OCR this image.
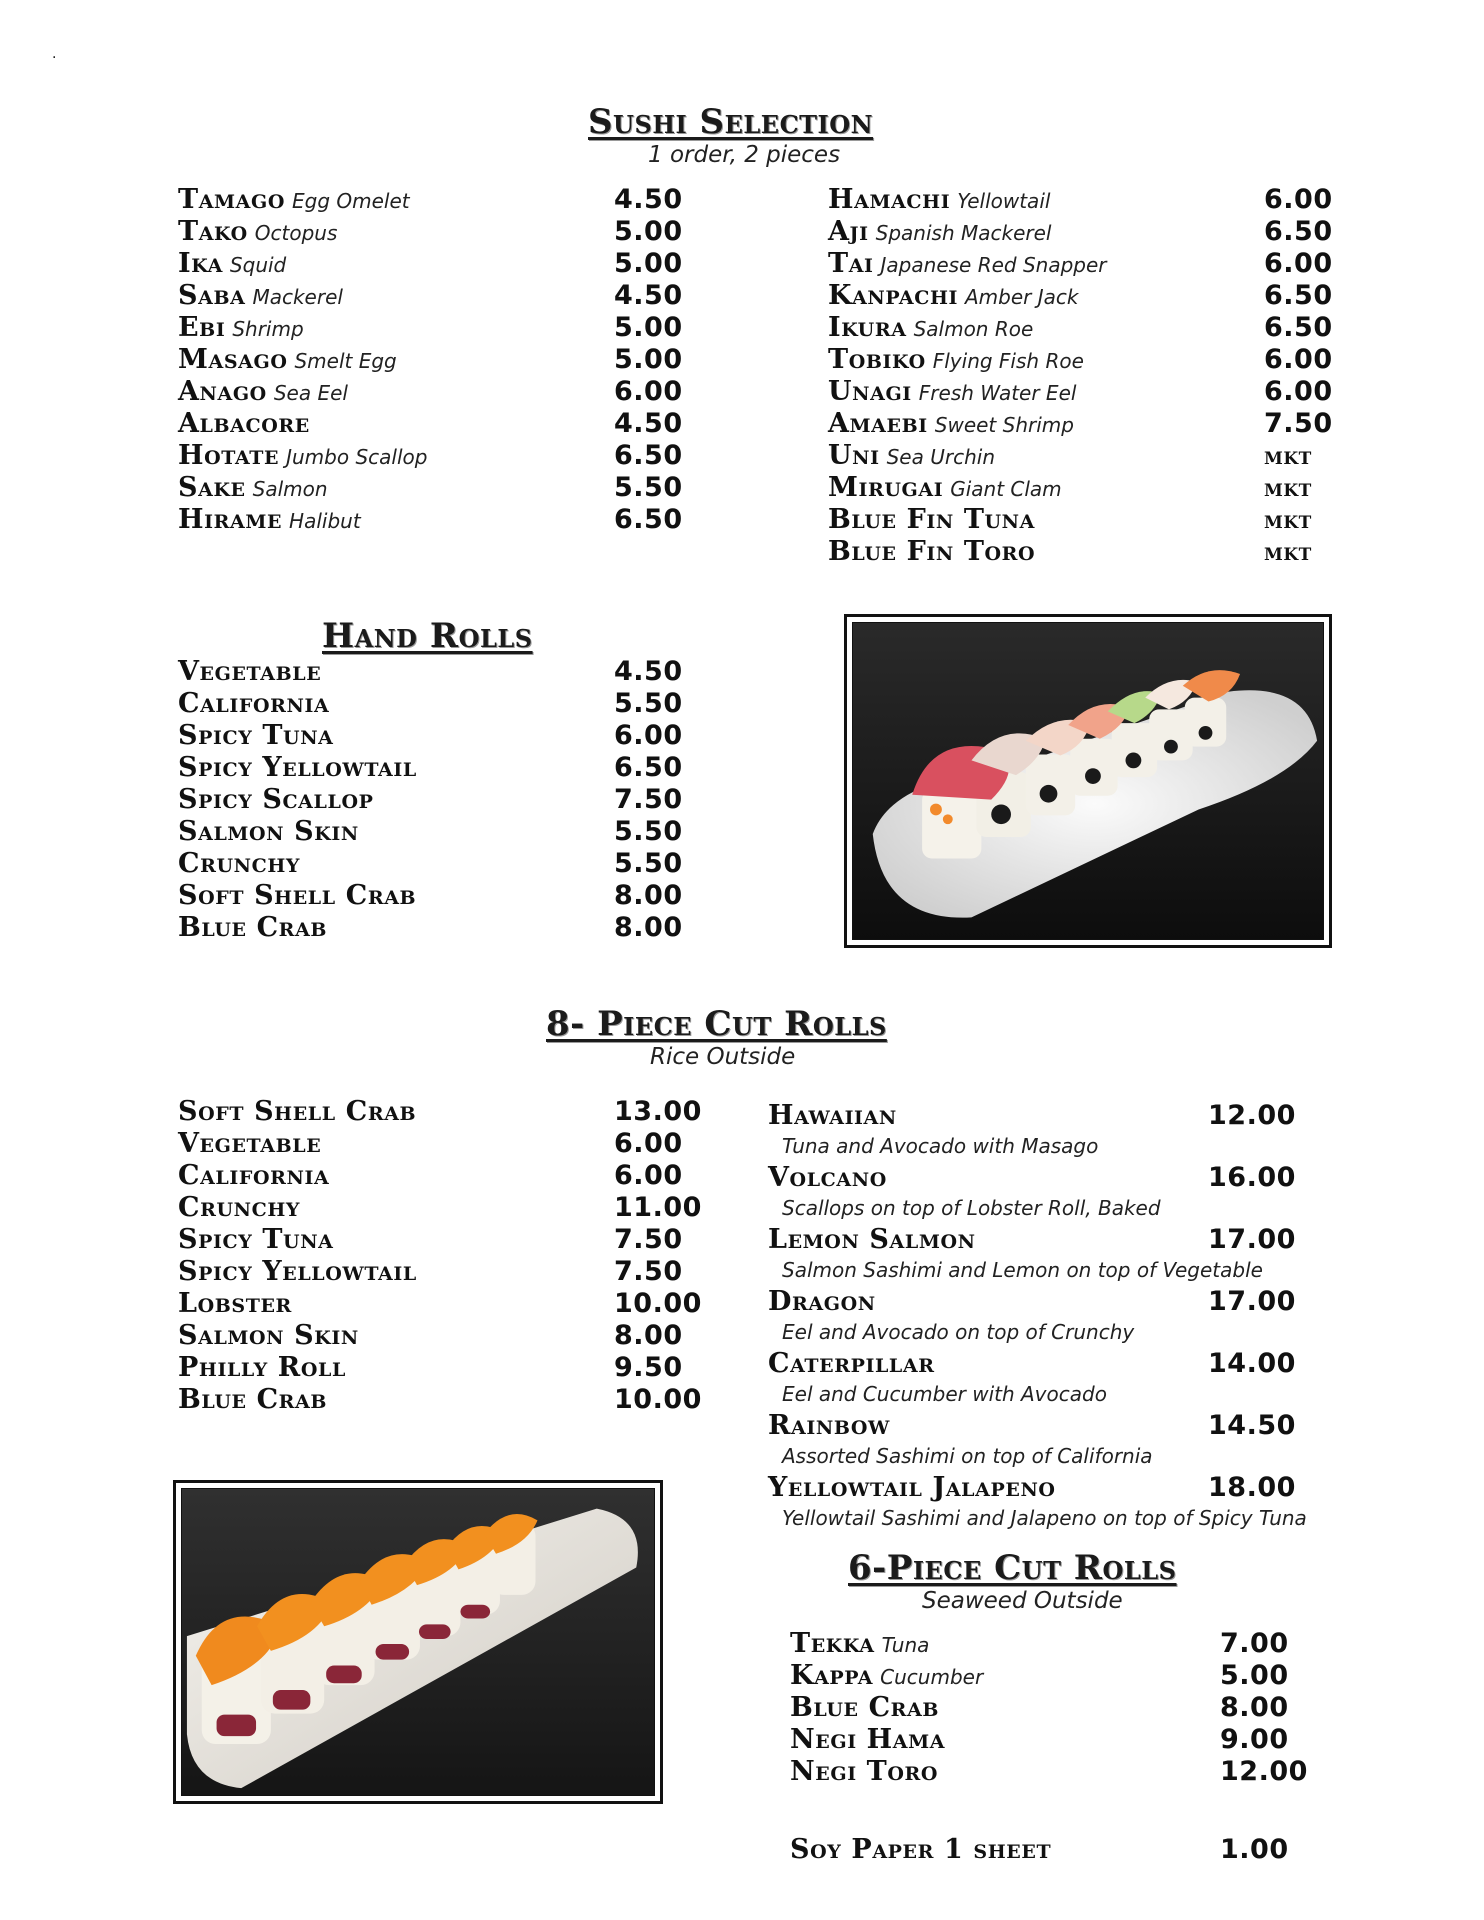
.
Sushi Selection
1 order, 2 pieces
Tamago Egg Omelet	4.50
Tako Octopus	5.00
Ika Squid	5.00
Saba Mackerel	4.50
Ebi Shrimp	5.00
Masago Smelt Egg	5.00
Anago Sea Eel	6.00
Albacore	4.50
Hotate Jumbo Scallop	6.50
Sake Salmon	5.50
Hirame Halibut	6.50
Hamachi Yellowtail	6.00
Aji Spanish Mackerel	6.50
Tai Japanese Red Snapper	6.00
Kanpachi Amber Jack	6.50
Ikura Salmon Roe	6.50
Tobiko Flying Fish Roe	6.00
Unagi Fresh Water Eel	6.00
Amaebi Sweet Shrimp	7.50
Uni Sea Urchin	mkt
Mirugai Giant Clam	mkt
Blue Fin Tuna	mkt
Blue Fin Toro	mkt
Hand Rolls
Vegetable	4.50
California	5.50
Spicy Tuna	6.00
Spicy Yellowtail	6.50
Spicy Scallop	7.50
Salmon Skin	5.50
Crunchy	5.50
Soft Shell Crab	8.00
Blue Crab	8.00
8- Piece Cut Rolls
Rice Outside
Soft Shell Crab	13.00
Vegetable	6.00
California	6.00
Crunchy	11.00
Spicy Tuna	7.50
Spicy Yellowtail	7.50
Lobster	10.00
Salmon Skin	8.00
Philly Roll	9.50
Blue Crab	10.00
Hawaiian	12.00
Tuna and Avocado with Masago
Volcano	16.00
Scallops on top of Lobster Roll, Baked
Lemon Salmon	17.00
Salmon Sashimi and Lemon on top of Vegetable
Dragon	17.00
Eel and Avocado on top of Crunchy
Caterpillar	14.00
Eel and Cucumber with Avocado
Rainbow	14.50
Assorted Sashimi on top of California
Yellowtail Jalapeno	18.00
Yellowtail Sashimi and Jalapeno on top of Spicy Tuna
6-Piece Cut Rolls
Seaweed Outside
Tekka Tuna	7.00
Kappa Cucumber	5.00
Blue Crab	8.00
Negi Hama	9.00
Negi Toro	12.00
Soy Paper 1 sheet	1.00
